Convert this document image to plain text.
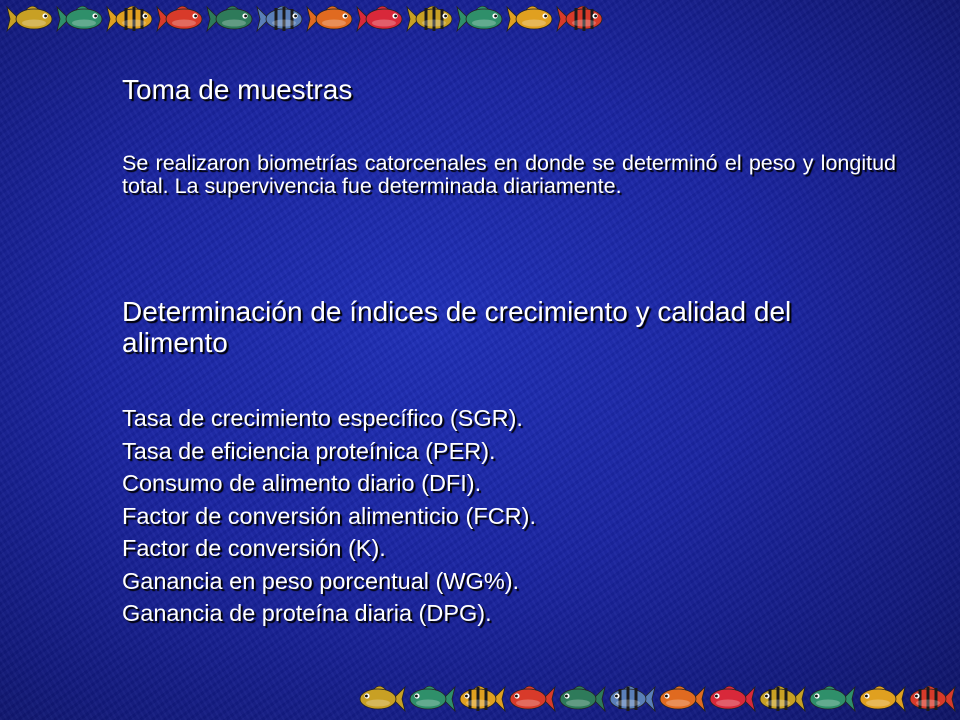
Toma de muestras
Se realizaron biometrías catorcenales en donde se determinó el peso y longitud total. La supervivencia fue determinada diariamente.
Determinación de índices de crecimiento y calidad del alimento
Tasa de crecimiento específico (SGR).
Tasa de eficiencia proteínica (PER).
Consumo de alimento diario (DFI).
Factor de conversión alimenticio (FCR).
Factor de conversión (K).
Ganancia en peso porcentual (WG%).
Ganancia de proteína diaria (DPG).
